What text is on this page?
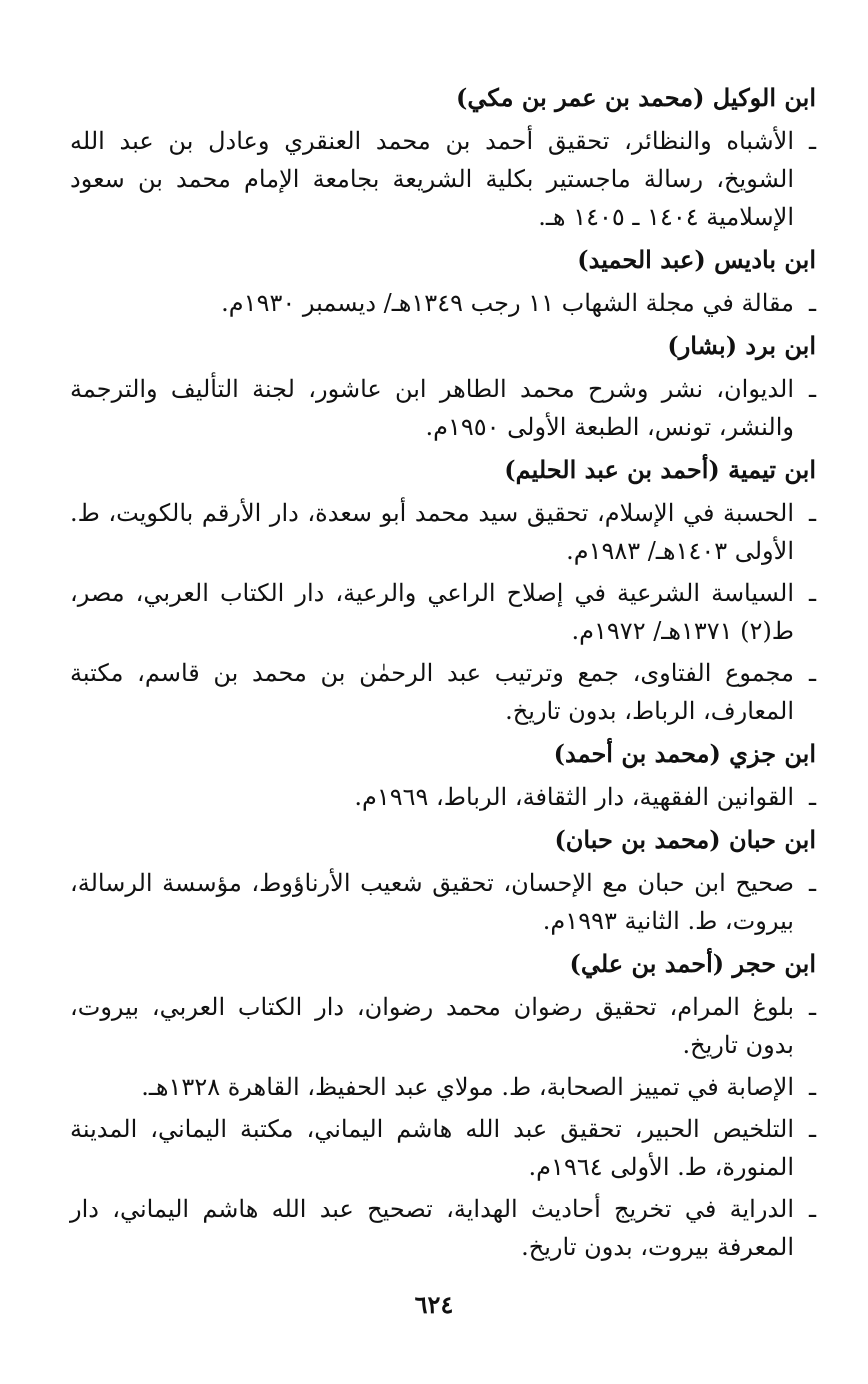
ابن الوكيل (محمد بن عمر بن مكي)
ـ
الأشباه والنظائر، تحقيق أحمد بن محمد العنقري وعادل بن عبد الله الشويخ، رسالة ماجستير بكلية الشريعة بجامعة الإمام محمد بن سعود الإسلامية ١٤٠٤ ـ ١٤٠٥ هـ.
ابن باديس (عبد الحميد)
ـ
مقالة في مجلة الشهاب ١١ رجب ١٣٤٩هـ/ ديسمبر ١٩٣٠م.
ابن برد (بشار)
ـ
الديوان، نشر وشرح محمد الطاهر ابن عاشور، لجنة التأليف والترجمة والنشر، تونس، الطبعة الأولى ١٩٥٠م.
ابن تيمية (أحمد بن عبد الحليم)
ـ
الحسبة في الإسلام، تحقيق سيد محمد أبو سعدة، دار الأرقم بالكويت، ط. الأولى ١٤٠٣هـ/ ١٩٨٣م.
ـ
السياسة الشرعية في إصلاح الراعي والرعية، دار الكتاب العربي، مصر، ط(٢) ١٣٧١هـ/ ١٩٧٢م.
ـ
مجموع الفتاوى، جمع وترتيب عبد الرحمٰن بن محمد بن قاسم، مكتبة المعارف، الرباط، بدون تاريخ.
ابن جزي (محمد بن أحمد)
ـ
القوانين الفقهية، دار الثقافة، الرباط، ١٩٦٩م.
ابن حبان (محمد بن حبان)
ـ
صحيح ابن حبان مع الإحسان، تحقيق شعيب الأرناؤوط، مؤسسة الرسالة، بيروت، ط. الثانية ١٩٩٣م.
ابن حجر (أحمد بن علي)
ـ
بلوغ المرام، تحقيق رضوان محمد رضوان، دار الكتاب العربي، بيروت، بدون تاريخ.
ـ
الإصابة في تمييز الصحابة، ط. مولاي عبد الحفيظ، القاهرة ١٣٢٨هـ.
ـ
التلخيص الحبير، تحقيق عبد الله هاشم اليماني، مكتبة اليماني، المدينة المنورة، ط. الأولى ١٩٦٤م.
ـ
الدراية في تخريج أحاديث الهداية، تصحيح عبد الله هاشم اليماني، دار المعرفة بيروت، بدون تاريخ.
٦٢٤
